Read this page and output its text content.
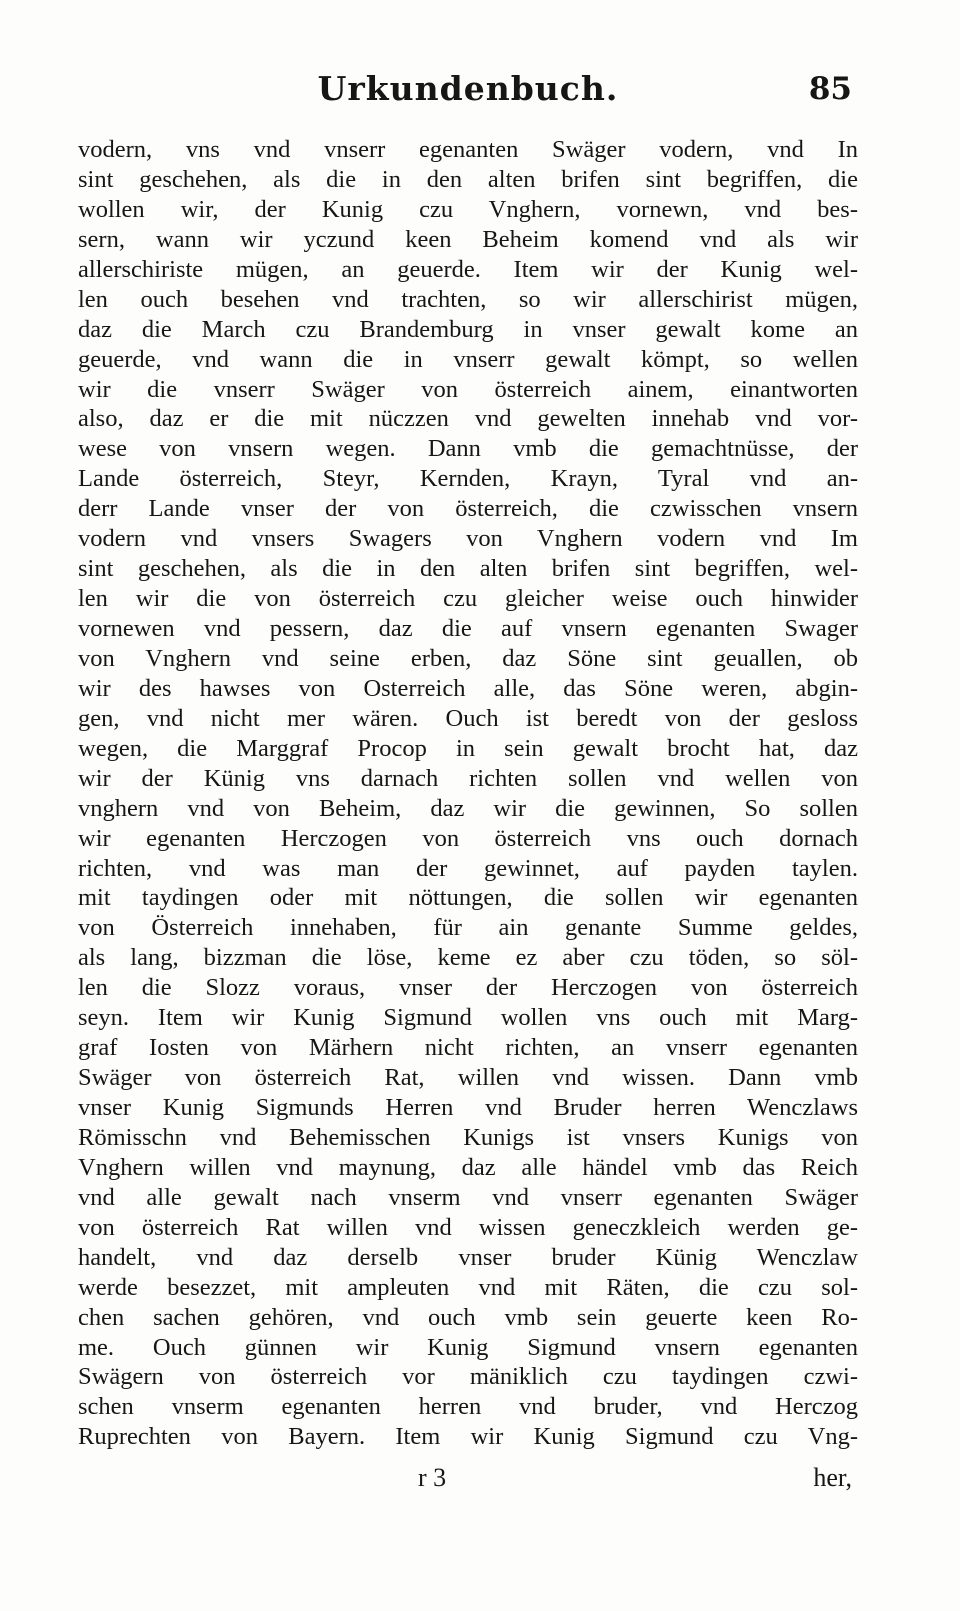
Urkundenbuch.	85
vodern, vns vnd vnserr egenanten Swäger vodern, vnd In
sint geschehen, als die in den alten brifen sint begriffen, die
wollen wir, der Kunig czu Vnghern, vornewn, vnd bes-
sern, wann wir yczund keen Beheim komend vnd als wir
allerschiriste mügen, an geuerde. Item wir der Kunig wel-
len ouch besehen vnd trachten, so wir allerschirist mügen,
daz die March czu Brandemburg in vnser gewalt kome an
geuerde, vnd wann die in vnserr gewalt kömpt, so wellen
wir die vnserr Swäger von österreich ainem, einantworten
also, daz er die mit nüczzen vnd gewelten innehab vnd vor-
wese von vnsern wegen. Dann vmb die gemachtnüsse, der
Lande österreich, Steyr, Kernden, Krayn, Tyral vnd an-
derr Lande vnser der von österreich, die czwisschen vnsern
vodern vnd vnsers Swagers von Vnghern vodern vnd Im
sint geschehen, als die in den alten brifen sint begriffen, wel-
len wir die von österreich czu gleicher weise ouch hinwider
vornewen vnd pessern, daz die auf vnsern egenanten Swager
von Vnghern vnd seine erben, daz Söne sint geuallen, ob
wir des hawses von Osterreich alle, das Söne weren, abgin-
gen, vnd nicht mer wären. Ouch ist beredt von der gesloss
wegen, die Marggraf Procop in sein gewalt brocht hat, daz
wir der Künig vns darnach richten sollen vnd wellen von
vnghern vnd von Beheim, daz wir die gewinnen, So sollen
wir egenanten Herczogen von österreich vns ouch dornach
richten, vnd was man der gewinnet, auf payden taylen.
mit taydingen oder mit nöttungen, die sollen wir egenanten
von Österreich innehaben, für ain genante Summe geldes,
als lang, bizzman die löse, keme ez aber czu töden, so söl-
len die Slozz voraus, vnser der Herczogen von österreich
seyn. Item wir Kunig Sigmund wollen vns ouch mit Marg-
graf Iosten von Märhern nicht richten, an vnserr egenanten
Swäger von österreich Rat, willen vnd wissen. Dann vmb
vnser Kunig Sigmunds Herren vnd Bruder herren Wenczlaws
Römisschn vnd Behemisschen Kunigs ist vnsers Kunigs von
Vnghern willen vnd maynung, daz alle händel vmb das Reich
vnd alle gewalt nach vnserm vnd vnserr egenanten Swäger
von österreich Rat willen vnd wissen geneczkleich werden ge-
handelt, vnd daz derselb vnser bruder Künig Wenczlaw
werde besezzet, mit ampleuten vnd mit Räten, die czu sol-
chen sachen gehören, vnd ouch vmb sein geuerte keen Ro-
me. Ouch günnen wir Kunig Sigmund vnsern egenanten
Swägern von österreich vor mäniklich czu taydingen czwi-
schen vnserm egenanten herren vnd bruder, vnd Herczog
Ruprechten von Bayern. Item wir Kunig Sigmund czu Vng-
r 3	her,
